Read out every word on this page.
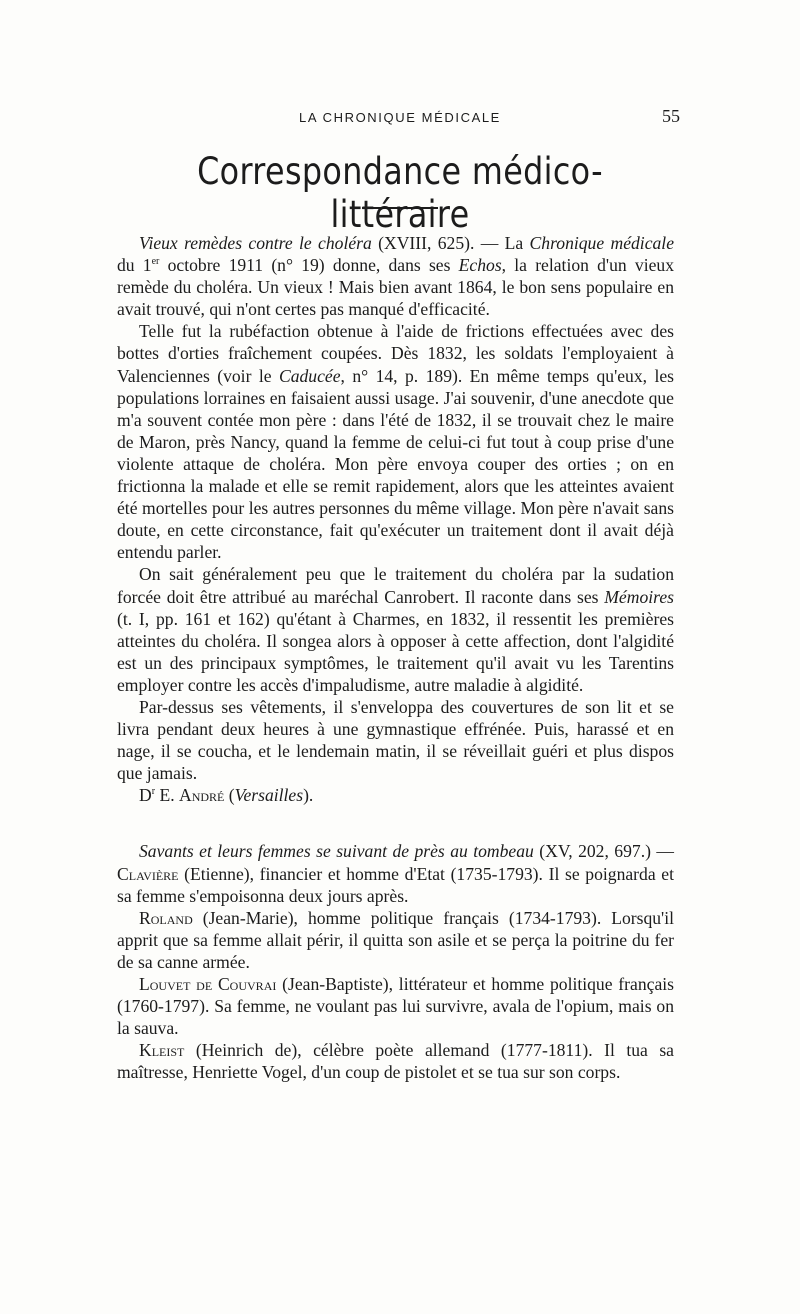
LA CHRONIQUE MÉDICALE	55
Correspondance médico-littéraire

Vieux remèdes contre le choléra (XVIII, 625). — La Chronique médicale du 1er octobre 1911 (n° 19) donne, dans ses Echos, la relation d'un vieux remède du choléra. Un vieux ! Mais bien avant 1864, le bon sens populaire en avait trouvé, qui n'ont certes pas manqué d'efficacité.

Telle fut la rubéfaction obtenue à l'aide de frictions effectuées avec des bottes d'orties fraîchement coupées. Dès 1832, les soldats l'employaient à Valenciennes (voir le Caducée, n° 14, p. 189). En même temps qu'eux, les populations lorraines en faisaient aussi usage. J'ai souvenir, d'une anecdote que m'a souvent contée mon père : dans l'été de 1832, il se trouvait chez le maire de Maron, près Nancy, quand la femme de celui-ci fut tout à coup prise d'une violente attaque de choléra. Mon père envoya couper des orties ; on en frictionna la malade et elle se remit rapidement, alors que les atteintes avaient été mortelles pour les autres personnes du même village. Mon père n'avait sans doute, en cette circonstance, fait qu'exécuter un traitement dont il avait déjà entendu parler.

On sait généralement peu que le traitement du choléra par la sudation forcée doit être attribué au maréchal Canrobert. Il raconte dans ses Mémoires (t. I, pp. 161 et 162) qu'étant à Charmes, en 1832, il ressentit les premières atteintes du choléra. Il songea alors à opposer à cette affection, dont l'algidité est un des principaux symptômes, le traitement qu'il avait vu les Tarentins employer contre les accès d'impaludisme, autre maladie à algidité.

Par-dessus ses vêtements, il s'enveloppa des couvertures de son lit et se livra pendant deux heures à une gymnastique effrénée. Puis, harassé et en nage, il se coucha, et le lendemain matin, il se réveillait guéri et plus dispos que jamais.

$D^r$ E. André (Versailles).

Savants et leurs femmes se suivant de près au tombeau (XV, 202, 697.) — Clavière (Etienne), financier et homme d'Etat (1735-1793). Il se poignarda et sa femme s'empoisonna deux jours après.

Roland (Jean-Marie), homme politique français (1734-1793). Lorsqu'il apprit que sa femme allait périr, il quitta son asile et se perça la poitrine du fer de sa canne armée.

Louvet de Couvrai (Jean-Baptiste), littérateur et homme politique français (1760-1797). Sa femme, ne voulant pas lui survivre, avala de l'opium, mais on la sauva.

Kleist (Heinrich de), célèbre poète allemand (1777-1811). Il tua sa maîtresse, Henriette Vogel, d'un coup de pistolet et se tua sur son corps.
